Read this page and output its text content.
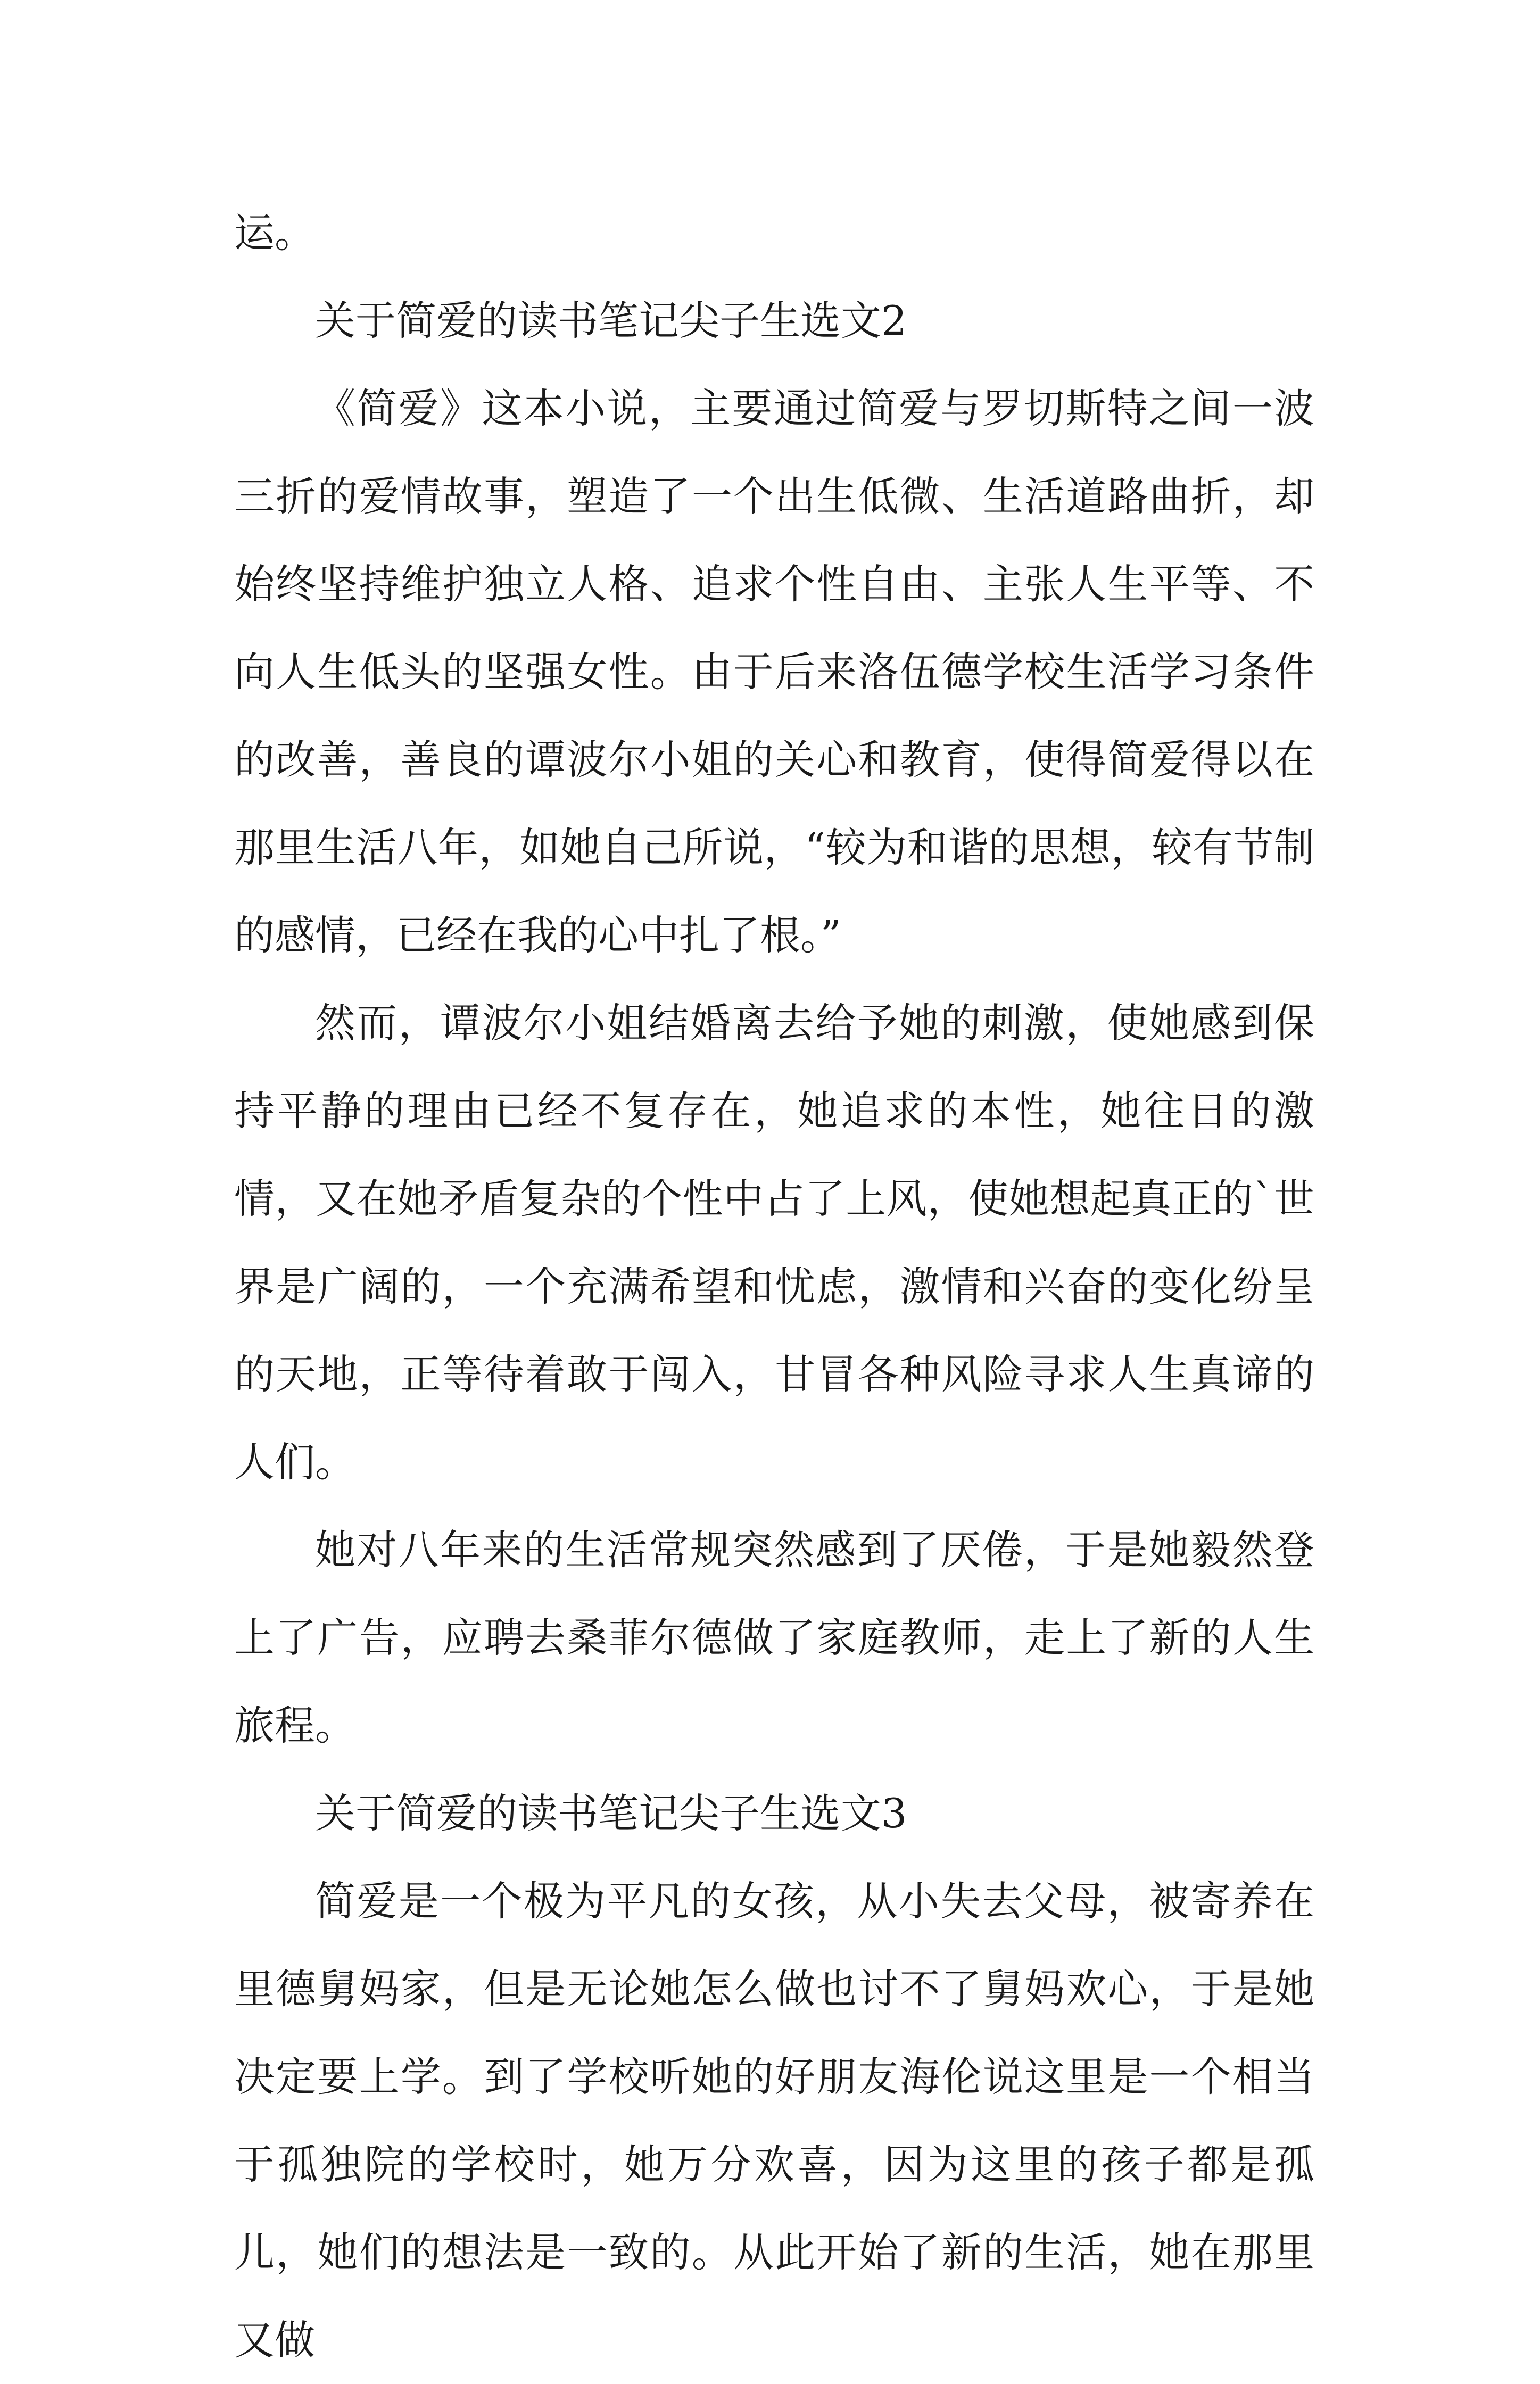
运。

关于简爱的读书笔记尖子生选文2

《简爱》这本小说，主要通过简爱与罗切斯特之间一波三折的爱情故事，塑造了一个出生低微、生活道路曲折，却始终坚持维护独立人格、追求个性自由、主张人生平等、不向人生低头的坚强女性。由于后来洛伍德学校生活学习条件的改善，善良的谭波尔小姐的关心和教育，使得简爱得以在那里生活八年，如她自己所说，“较为和谐的思想，较有节制的感情，已经在我的心中扎了根。”

然而，谭波尔小姐结婚离去给予她的刺激，使她感到保持平静的理由已经不复存在，她追求的本性，她往日的激情，又在她矛盾复杂的个性中占了上风，使她想起真正的`世界是广阔的，一个充满希望和忧虑，激情和兴奋的变化纷呈的天地，正等待着敢于闯入，甘冒各种风险寻求人生真谛的人们。

她对八年来的生活常规突然感到了厌倦，于是她毅然登上了广告，应聘去桑菲尔德做了家庭教师，走上了新的人生旅程。

关于简爱的读书笔记尖子生选文3

简爱是一个极为平凡的女孩，从小失去父母，被寄养在里德舅妈家，但是无论她怎么做也讨不了舅妈欢心，于是她决定要上学。到了学校听她的好朋友海伦说这里是一个相当于孤独院的学校时，她万分欢喜，因为这里的孩子都是孤儿，她们的想法是一致的。从此开始了新的生活，她在那里又做
